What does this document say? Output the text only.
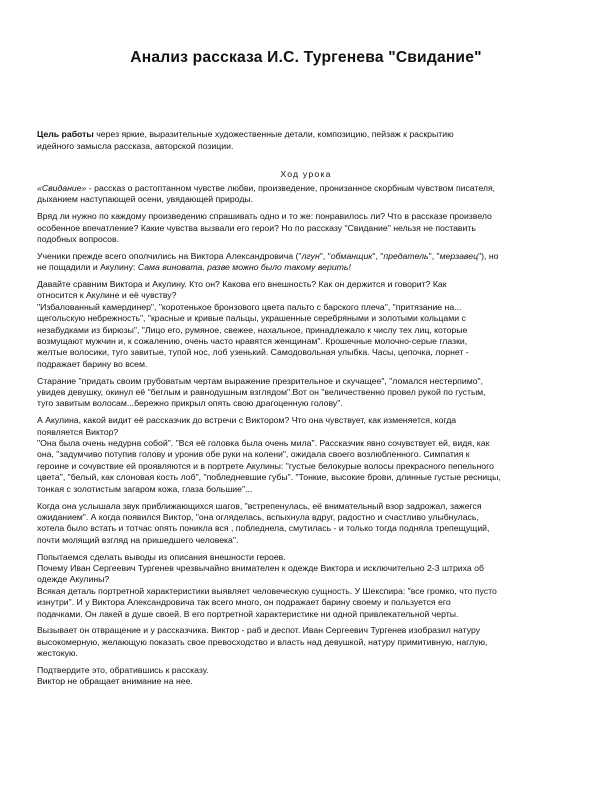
Анализ рассказа И.С. Тургенева "Свидание"
Цель работы через яркие, выразительные художественные детали, композицию, пейзаж к раскрытию
идейного замысла рассказа, авторской позиции.
Ход урока

«Свидание» - рассказ о растоптанном чувстве любви, произведение, пронизанное скорбным чувством писателя,
дыханием наступающей осени, увядающей природы.

Вряд ли нужно по каждому произведению спрашивать одно и то же: понравилось ли? Что в рассказе произвело
особенное впечатление? Какие чувства вызвали его герои? Но по рассказу "Свидание" нельзя не поставить
подобных вопросов.

Ученики прежде всего ополчились на Виктора Александровича ("лгун", "обманщик", "предатель", "мерзавец"), но
не пощадили и Акулину: Сама виновата, разве можно было такому верить!

Давайте сравним Виктора и Акулину. Кто он? Какова его внешность? Как он держится и говорит? Как
относится к Акулине и её чувству?
"Избалованный камердинер", "коротенькое бронзового цвета пальто с барского плеча", "притязание на...
щегольскую небрежность", "красные и кривые пальцы, украшенные серебряными и золотыми кольцами с
незабудками из бирюзы", "Лицо его, румяное, свежее, нахальное, принадлежало к числу тех лиц, которые
возмущают мужчин и, к сожалению, очень часто нравятся женщинам". Крошечные молочно-серые глазки,
желтые волосики, туго завитые, тупой нос, лоб узенький. Самодовольная улыбка. Часы, цепочка, лорнет -
подражает барину во всем.

Старание "придать своим грубоватым чертам выражение презрительное и скучащее", "ломался нестерпимо",
увидев девушку, окинул её "беглым и равнодушным взглядом".Вот он "величественно провел рукой по густым,
туго завитым волосам...бережно прикрыл опять свою драгоценную голову".

А Акулина, какой видит её рассказчик до встречи с Виктором? Что она чувствует, как изменяется, когда
появляется Виктор?
"Она была очень недурна собой". "Вся её головка была очень мила". Рассказчик явно сочувствует ей, видя, как
она, "задумчиво потупив голову и уронив обе руки на колени", ожидала своего возлюбленного. Симпатия к
героине и сочувствие ей проявляются и в портрете Акулины: "густые белокурые волосы прекрасного пепельного
цвета", "белый, как слоновая кость лоб", "побледневшие губы". "Тонкие, высокие брови, длинные густые ресницы,
тонкая с золотистым загаром кожа, глаза большие"...

Когда она услышала звук приближающихся шагов, "встрепенулась, её внимательный взор задрожал, зажегся
ожиданием". А когда появился Виктор, "она огляделась, вспыхнула вдруг, радостно и счастливо улыбнулась,
хотела было встать и тотчас опять поникла вся , побледнела, смутилась - и только тогда подняла трепещущий,
почти молящий взгляд на пришедшего человека".

Попытаемся сделать выводы из описания внешности героев.
Почему Иван Сергеевич Тургенев чрезвычайно внимателен к одежде Виктора и исключительно 2-3 штриха об
одежде Акулины?
Всякая деталь портретной характеристики выявляет человеческую сущность. У Шекспира: "все громко, что пусто
изнутри". И у Виктора Александровича так всего много, он подражает барину своему и пользуется его
подачками. Он лакей в душе своей. В его портретной характеристике ни одной привлекательной черты.

Вызывает он отвращение и у рассказчика. Виктор - раб и деспот. Иван Сергеевич Тургенев изобразил натуру
высокомерную, желающую показать свое превосходство и власть над девушкой, натуру примитивную, наглую,
жестокую.

Подтвердите это, обратившись к рассказу.
Виктор не обращает внимание на нее.
